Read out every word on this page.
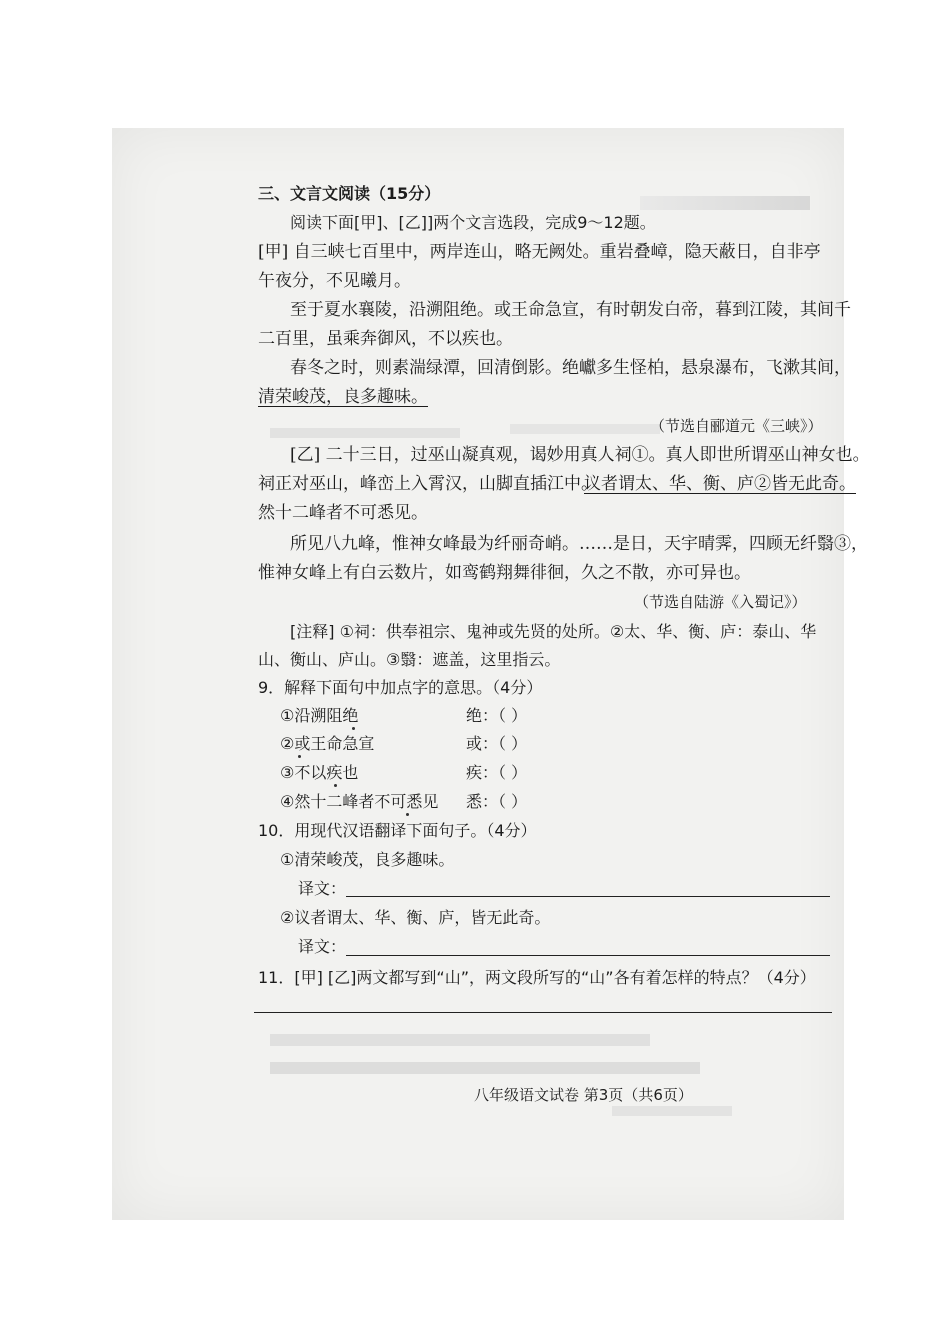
三、文言文阅读（15分）
阅读下面[甲]、[乙]]两个文言选段，完成9～12题。
[甲] 自三峡七百里中，两岸连山，略无阙处。重岩叠嶂，隐天蔽日，自非亭
午夜分，不见曦月。
至于夏水襄陵，沿溯阻绝。或王命急宣，有时朝发白帝，暮到江陵，其间千
二百里，虽乘奔御风，不以疾也。
春冬之时，则素湍绿潭，回清倒影。绝巘多生怪柏，悬泉瀑布，飞漱其间，
清荣峻茂，良多趣味。
（节选自郦道元《三峡》）
[乙] 二十三日，过巫山凝真观，谒妙用真人祠①。真人即世所谓巫山神女也。
祠正对巫山，峰峦上入霄汉，山脚直插江中。
议者谓太、华、衡、庐②皆无此奇。
然十二峰者不可悉见。
所见八九峰，惟神女峰最为纤丽奇峭。……是日，天宇晴霁，四顾无纤翳③，
惟神女峰上有白云数片，如鸾鹤翔舞徘徊，久之不散，亦可异也。
（节选自陆游《入蜀记》）
[注释] ①祠：供奉祖宗、鬼神或先贤的处所。②太、华、衡、庐：泰山、华
山、衡山、庐山。③翳：遮盖，这里指云。
9．解释下面句中加点字的意思。（4分）
①沿溯阻绝	绝：（ ）
②或王命急宣	或：（ ）
③不以疾也	疾：（ ）
④然十二峰者不可悉见 悉：（ ）
10．用现代汉语翻译下面句子。（4分）
①清荣峻茂，良多趣味。
译文：
②议者谓太、华、衡、庐，皆无此奇。
译文：
11．[甲] [乙]两文都写到“山”，两文段所写的“山”各有着怎样的特点？（4分）
八年级语文试卷 第3页（共6页）
